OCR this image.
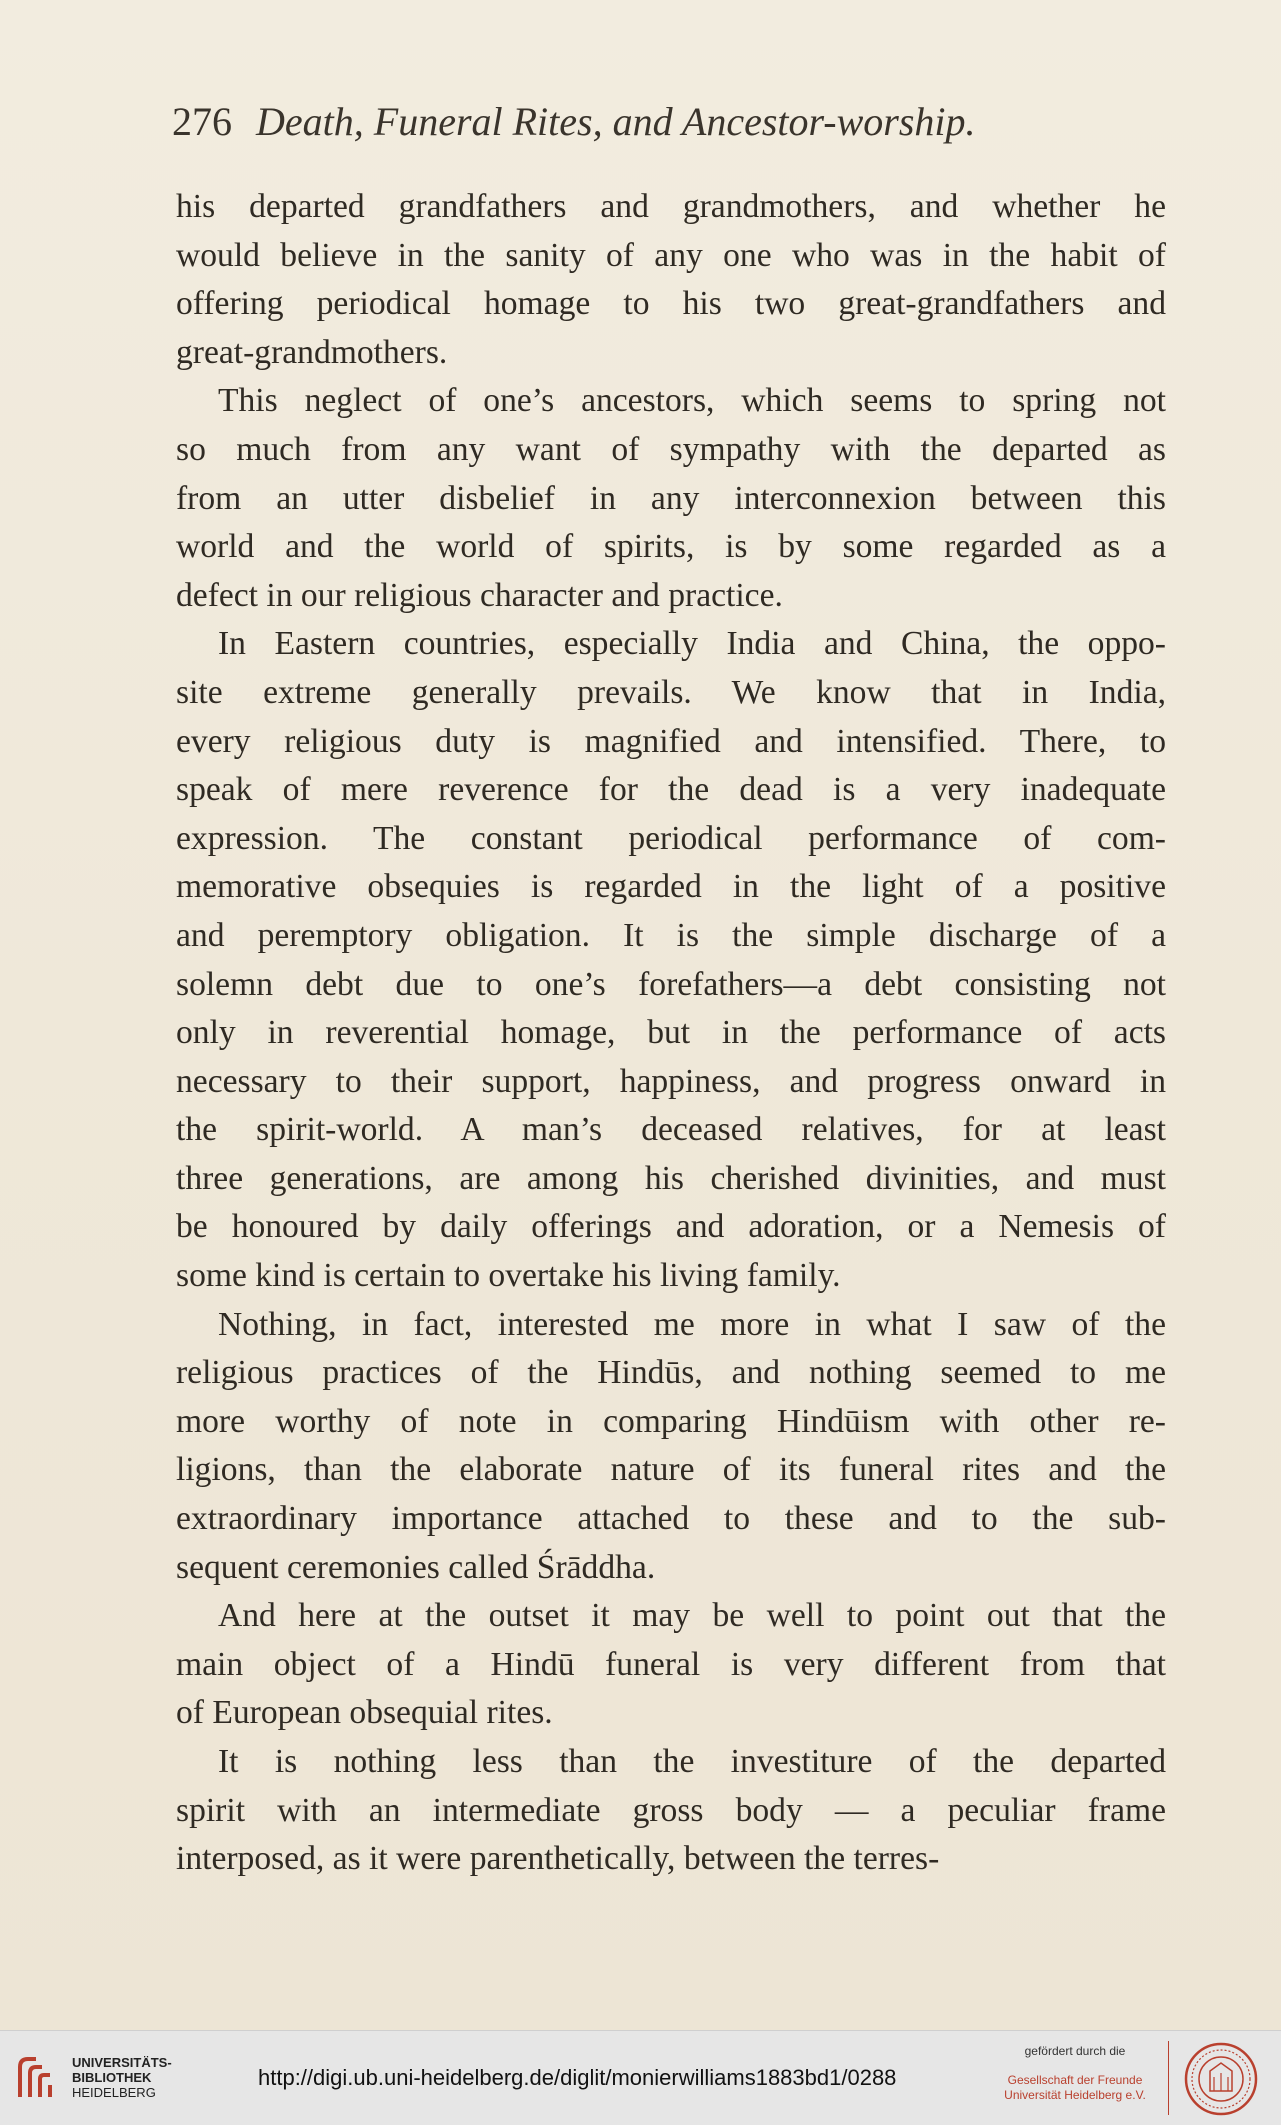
276 Death, Funeral Rites, and Ancestor-worship.

his departed grandfathers and grandmothers, and whether he
would believe in the sanity of any one who was in the habit of
offering periodical homage to his two great-grandfathers and
great-grandmothers.

This neglect of one’s ancestors, which seems to spring not
so much from any want of sympathy with the departed as
from an utter disbelief in any interconnexion between this
world and the world of spirits, is by some regarded as a
defect in our religious character and practice.

In Eastern countries, especially India and China, the oppo-
site extreme generally prevails. We know that in India,
every religious duty is magnified and intensified. There, to
speak of mere reverence for the dead is a very inadequate
expression. The constant periodical performance of com-
memorative obsequies is regarded in the light of a positive
and peremptory obligation. It is the simple discharge of a
solemn debt due to one’s forefathers—a debt consisting not
only in reverential homage, but in the performance of acts
necessary to their support, happiness, and progress onward in
the spirit-world. A man’s deceased relatives, for at least
three generations, are among his cherished divinities, and must
be honoured by daily offerings and adoration, or a Nemesis of
some kind is certain to overtake his living family.

Nothing, in fact, interested me more in what I saw of the
religious practices of the Hindūs, and nothing seemed to me
more worthy of note in comparing Hindūism with other re-
ligions, than the elaborate nature of its funeral rites and the
extraordinary importance attached to these and to the sub-
sequent ceremonies called Śrāddha.

And here at the outset it may be well to point out that the
main object of a Hindū funeral is very different from that
of European obsequial rites.

It is nothing less than the investiture of the departed
spirit with an intermediate gross body — a peculiar frame
interposed, as it were parenthetically, between the terres-

UNIVERSITÄTS-
BIBLIOTHEK
HEIDELBERG
http://digi.ub.uni-heidelberg.de/diglit/monierwilliams1883bd1/0288
gefördert durch die
Gesellschaft der Freunde
Universität Heidelberg e.V.
